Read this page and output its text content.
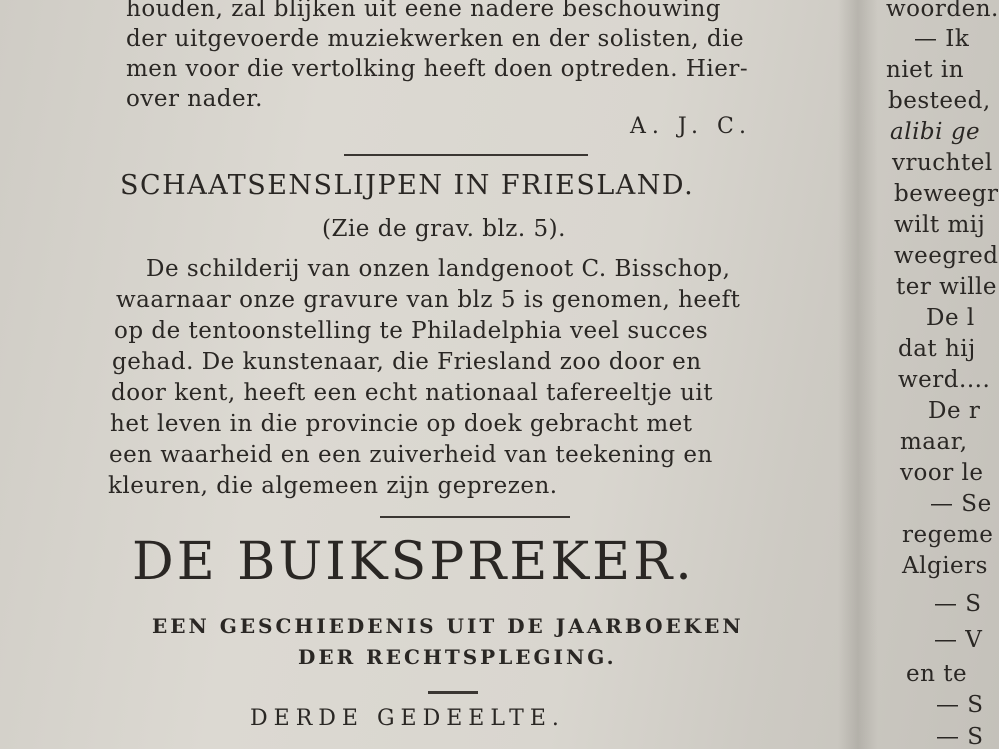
houden, zal blijken uit eene nadere beschouwing
der uitgevoerde muziekwerken en der solisten, die
men voor die vertolking heeft doen optreden. Hier-
over nader.
A. J. C.
SCHAATSENSLIJPEN IN FRIESLAND.
(Zie de grav. blz. 5).
De schilderij van onzen landgenoot C. Bisschop,
waarnaar onze gravure van blz 5 is genomen, heeft
op de tentoonstelling te Philadelphia veel succes
gehad. De kunstenaar, die Friesland zoo door en
door kent, heeft een echt nationaal tafereeltje uit
het leven in die provincie op doek gebracht met
een waarheid en een zuiverheid van teekening en
kleuren, die algemeen zijn geprezen.
DE BUIKSPREKER.
EEN GESCHIEDENIS UIT DE JAARBOEKEN
DER RECHTSPLEGING.
DERDE GEDEELTE.
woorden.
— Ik
niet in
besteed,
alibi ge
vruchtel
beweegr
wilt mij
weegred
ter wille
De l
dat hij
werd....
De r
maar,
voor le
— Se
regeme
Algiers
— S
— V
en te
— S
— S
